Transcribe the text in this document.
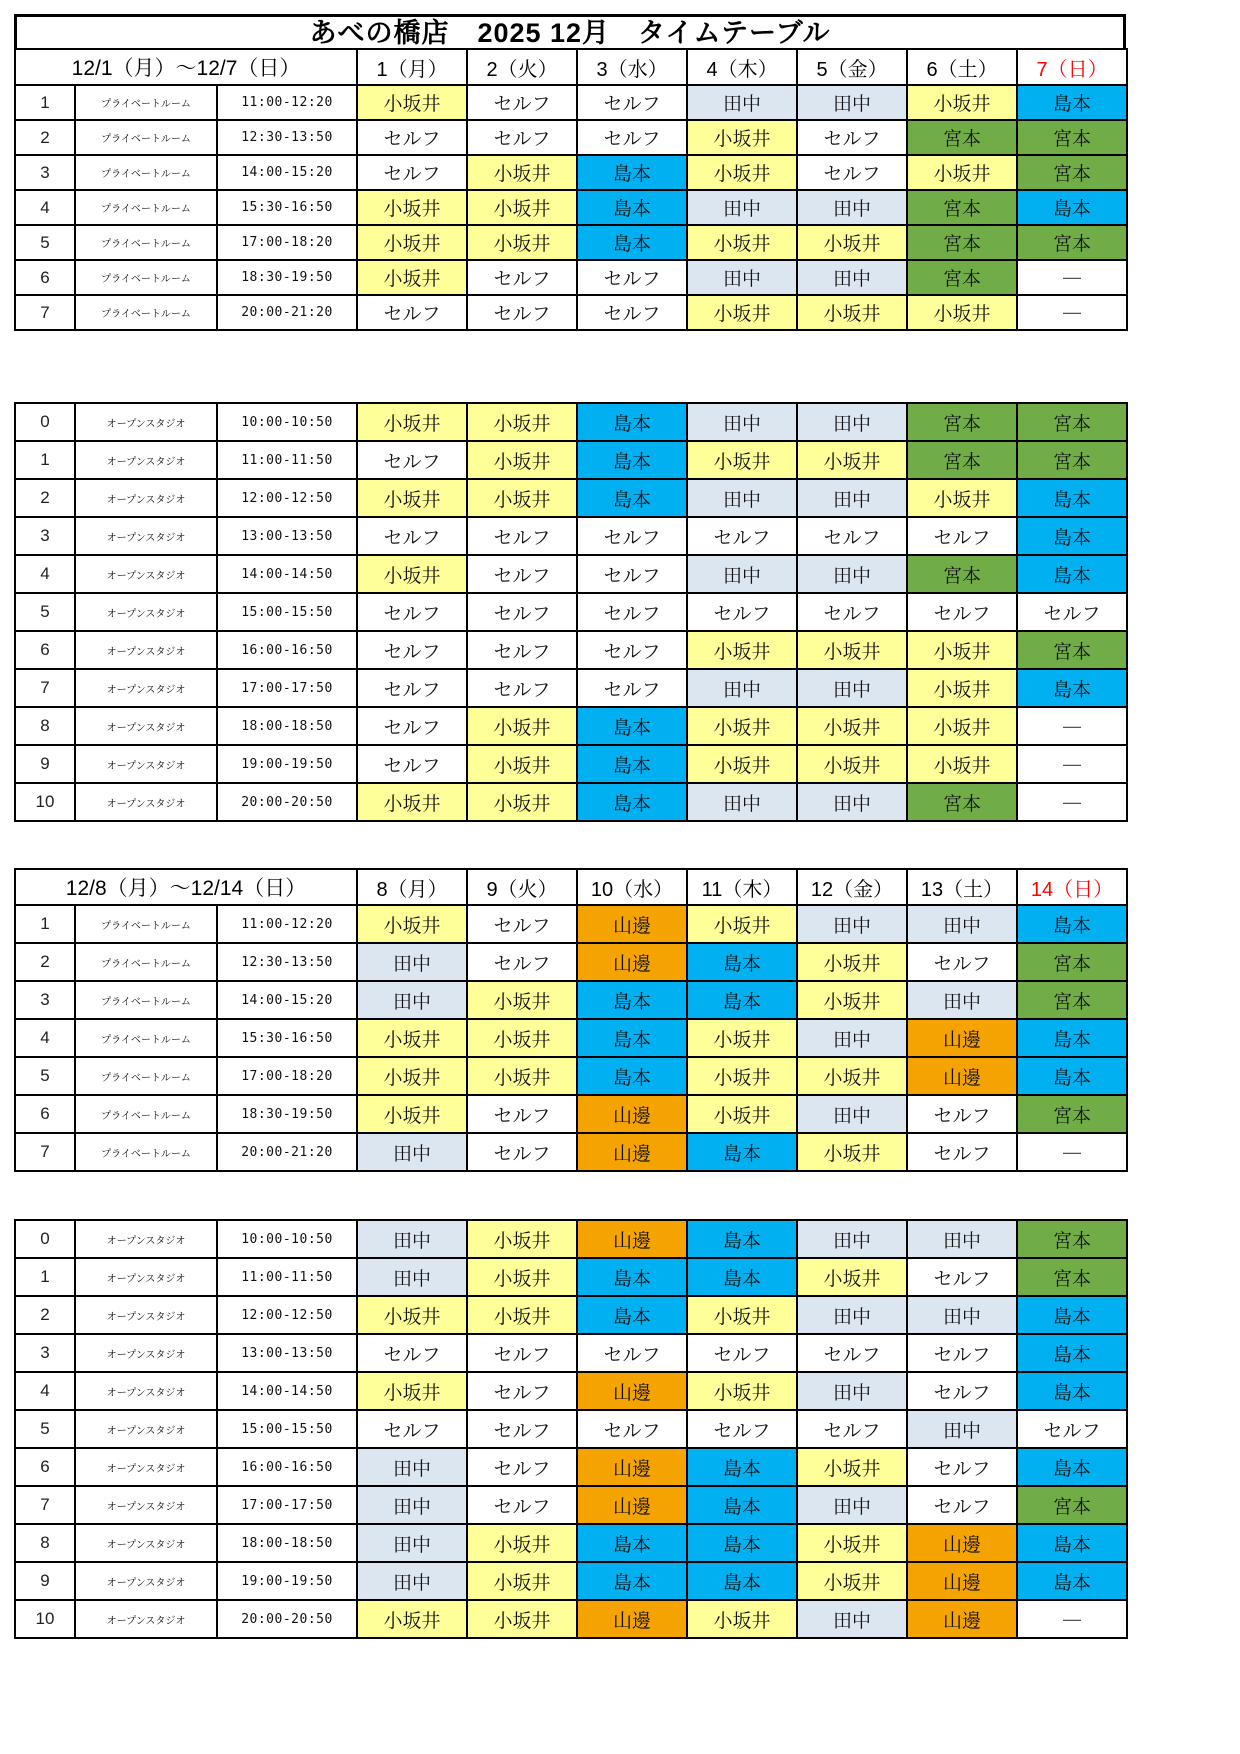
あべの橋店　2025 12月　タイムテーブル
12/1（月）～12/7（日）			1（月）	2（火）	3（水）	4（木）	5（金）	6（土）	7（日）
1	プライベートルーム	11:00-12:20	小坂井	セルフ	セルフ	田中	田中	小坂井	島本
2	プライベートルーム	12:30-13:50	セルフ	セルフ	セルフ	小坂井	セルフ	宮本	宮本
3	プライベートルーム	14:00-15:20	セルフ	小坂井	島本	小坂井	セルフ	小坂井	宮本
4	プライベートルーム	15:30-16:50	小坂井	小坂井	島本	田中	田中	宮本	島本
5	プライベートルーム	17:00-18:20	小坂井	小坂井	島本	小坂井	小坂井	宮本	宮本
6	プライベートルーム	18:30-19:50	小坂井	セルフ	セルフ	田中	田中	宮本	—
7	プライベートルーム	20:00-21:20	セルフ	セルフ	セルフ	小坂井	小坂井	小坂井	—
0	オープンスタジオ	10:00-10:50	小坂井	小坂井	島本	田中	田中	宮本	宮本
1	オープンスタジオ	11:00-11:50	セルフ	小坂井	島本	小坂井	小坂井	宮本	宮本
2	オープンスタジオ	12:00-12:50	小坂井	小坂井	島本	田中	田中	小坂井	島本
3	オープンスタジオ	13:00-13:50	セルフ	セルフ	セルフ	セルフ	セルフ	セルフ	島本
4	オープンスタジオ	14:00-14:50	小坂井	セルフ	セルフ	田中	田中	宮本	島本
5	オープンスタジオ	15:00-15:50	セルフ	セルフ	セルフ	セルフ	セルフ	セルフ	セルフ
6	オープンスタジオ	16:00-16:50	セルフ	セルフ	セルフ	小坂井	小坂井	小坂井	宮本
7	オープンスタジオ	17:00-17:50	セルフ	セルフ	セルフ	田中	田中	小坂井	島本
8	オープンスタジオ	18:00-18:50	セルフ	小坂井	島本	小坂井	小坂井	小坂井	—
9	オープンスタジオ	19:00-19:50	セルフ	小坂井	島本	小坂井	小坂井	小坂井	—
10	オープンスタジオ	20:00-20:50	小坂井	小坂井	島本	田中	田中	宮本	—
12/8（月）～12/14（日）			8（月）	9（火）	10（水）	11（木）	12（金）	13（土）	14（日）
1	プライベートルーム	11:00-12:20	小坂井	セルフ	山邊	小坂井	田中	田中	島本
2	プライベートルーム	12:30-13:50	田中	セルフ	山邊	島本	小坂井	セルフ	宮本
3	プライベートルーム	14:00-15:20	田中	小坂井	島本	島本	小坂井	田中	宮本
4	プライベートルーム	15:30-16:50	小坂井	小坂井	島本	小坂井	田中	山邊	島本
5	プライベートルーム	17:00-18:20	小坂井	小坂井	島本	小坂井	小坂井	山邊	島本
6	プライベートルーム	18:30-19:50	小坂井	セルフ	山邊	小坂井	田中	セルフ	宮本
7	プライベートルーム	20:00-21:20	田中	セルフ	山邊	島本	小坂井	セルフ	—
0	オープンスタジオ	10:00-10:50	田中	小坂井	山邊	島本	田中	田中	宮本
1	オープンスタジオ	11:00-11:50	田中	小坂井	島本	島本	小坂井	セルフ	宮本
2	オープンスタジオ	12:00-12:50	小坂井	小坂井	島本	小坂井	田中	田中	島本
3	オープンスタジオ	13:00-13:50	セルフ	セルフ	セルフ	セルフ	セルフ	セルフ	島本
4	オープンスタジオ	14:00-14:50	小坂井	セルフ	山邊	小坂井	田中	セルフ	島本
5	オープンスタジオ	15:00-15:50	セルフ	セルフ	セルフ	セルフ	セルフ	田中	セルフ
6	オープンスタジオ	16:00-16:50	田中	セルフ	山邊	島本	小坂井	セルフ	島本
7	オープンスタジオ	17:00-17:50	田中	セルフ	山邊	島本	田中	セルフ	宮本
8	オープンスタジオ	18:00-18:50	田中	小坂井	島本	島本	小坂井	山邊	島本
9	オープンスタジオ	19:00-19:50	田中	小坂井	島本	島本	小坂井	山邊	島本
10	オープンスタジオ	20:00-20:50	小坂井	小坂井	山邊	小坂井	田中	山邊	—
